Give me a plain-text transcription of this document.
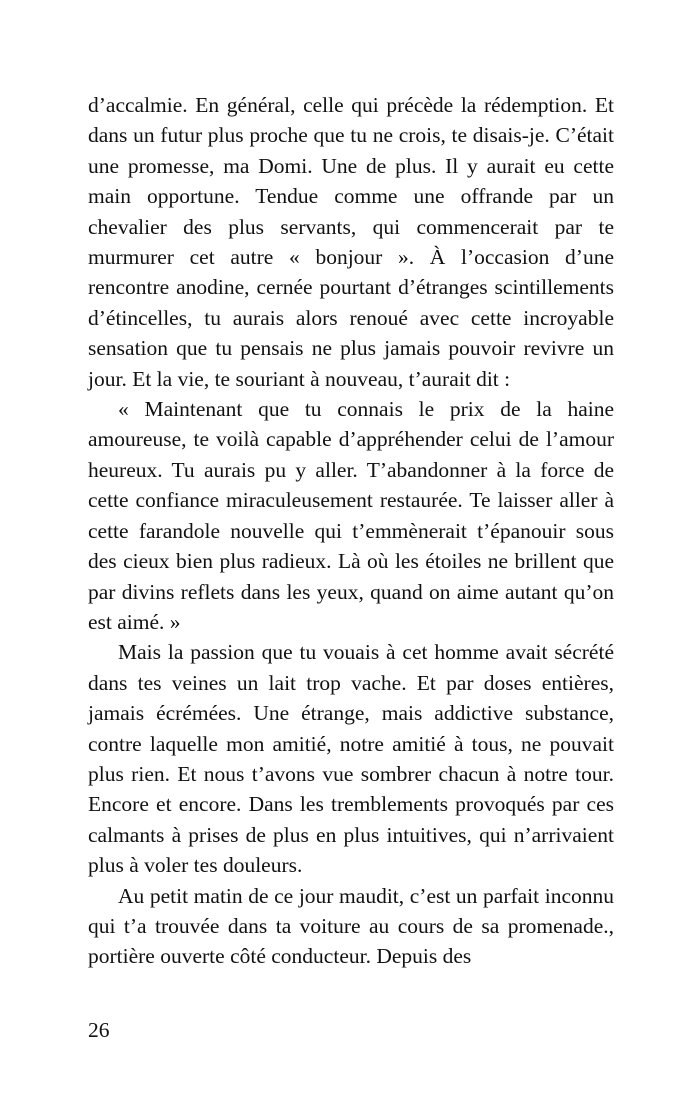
d’accalmie. En général, celle qui précède la rédemption. Et dans un futur plus proche que tu ne crois, te disais-je. C’était une promesse, ma Domi. Une de plus. Il y aurait eu cette main opportune. Tendue comme une offrande par un chevalier des plus servants, qui commencerait par te murmurer cet autre « bonjour ». À l’occasion d’une rencontre anodine, cernée pourtant d’étranges scintillements d’étincelles, tu aurais alors renoué avec cette incroyable sensation que tu pensais ne plus jamais pouvoir revivre un jour. Et la vie, te souriant à nouveau, t’aurait dit :

« Maintenant que tu connais le prix de la haine amoureuse, te voilà capable d’appréhender celui de l’amour heureux. Tu aurais pu y aller. T’abandonner à la force de cette confiance miraculeusement restaurée. Te laisser aller à cette farandole nouvelle qui t’emmènerait t’épanouir sous des cieux bien plus radieux. Là où les étoiles ne brillent que par divins reflets dans les yeux, quand on aime autant qu’on est aimé. »

Mais la passion que tu vouais à cet homme avait sécrété dans tes veines un lait trop vache. Et par doses entières, jamais écrémées. Une étrange, mais addictive substance, contre laquelle mon amitié, notre amitié à tous, ne pouvait plus rien. Et nous t’avons vue sombrer chacun à notre tour. Encore et encore. Dans les tremblements provoqués par ces calmants à prises de plus en plus intuitives, qui n’arrivaient plus à voler tes douleurs.

Au petit matin de ce jour maudit, c’est un parfait inconnu qui t’a trouvée dans ta voiture au cours de sa promenade., portière ouverte côté conducteur. Depuis des

26
